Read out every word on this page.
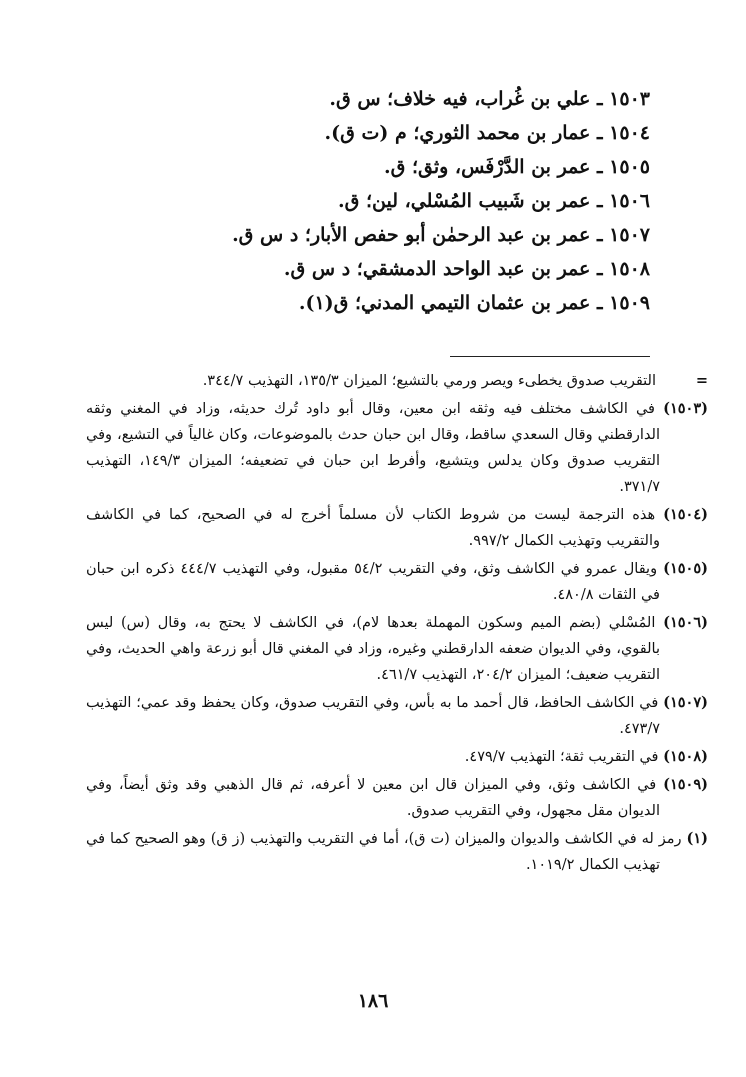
١٥٠٣ ـ علي بن غُراب، فيه خلاف؛ س ق.
١٥٠٤ ـ عمار بن محمد الثوري؛ م (ت ق).
١٥٠٥ ـ عمر بن الدَّرْفَس، وثق؛ ق.
١٥٠٦ ـ عمر بن شَبيب المُسْلي، لين؛ ق.
١٥٠٧ ـ عمر بن عبد الرحمٰن أبو حفص الأبار؛ د س ق.
١٥٠٨ ـ عمر بن عبد الواحد الدمشقي؛ د س ق.
١٥٠٩ ـ عمر بن عثمان التيمي المدني؛ ق(١).
=
التقريب صدوق يخطىء ويصر ورمي بالتشيع؛ الميزان ١٣٥/٣، التهذيب ٣٤٤/٧.
(١٥٠٣) في الكاشف مختلف فيه وثقه ابن معين، وقال أبو داود تُرك حديثه، وزاد في المغني وثقه الدارقطني وقال السعدي ساقط، وقال ابن حبان حدث بالموضوعات، وكان غالياً في التشيع، وفي التقريب صدوق وكان يدلس ويتشيع، وأفرط ابن حبان في تضعيفه؛ الميزان ١٤٩/٣، التهذيب ٣٧١/٧.
(١٥٠٤) هذه الترجمة ليست من شروط الكتاب لأن مسلماً أخرج له في الصحيح، كما في الكاشف والتقريب وتهذيب الكمال ٩٩٧/٢.
(١٥٠٥) ويقال عمرو في الكاشف وثق، وفي التقريب ٥٤/٢ مقبول، وفي التهذيب ٤٤٤/٧ ذكره ابن حبان في الثقات ٤٨٠/٨.
(١٥٠٦) المُسْلي (بضم الميم وسكون المهملة بعدها لام)، في الكاشف لا يحتج به، وقال (س) ليس بالقوي، وفي الديوان ضعفه الدارقطني وغيره، وزاد في المغني قال أبو زرعة واهي الحديث، وفي التقريب ضعيف؛ الميزان ٢٠٤/٢، التهذيب ٤٦١/٧.
(١٥٠٧) في الكاشف الحافظ، قال أحمد ما به بأس، وفي التقريب صدوق، وكان يحفظ وقد عمي؛ التهذيب ٤٧٣/٧.
(١٥٠٨) في التقريب ثقة؛ التهذيب ٤٧٩/٧.
(١٥٠٩) في الكاشف وثق، وفي الميزان قال ابن معين لا أعرفه، ثم قال الذهبي وقد وثق أيضاً، وفي الديوان مقل مجهول، وفي التقريب صدوق.
(١) رمز له في الكاشف والديوان والميزان (ت ق)، أما في التقريب والتهذيب (ز ق) وهو الصحيح كما في تهذيب الكمال ١٠١٩/٢.
١٨٦
